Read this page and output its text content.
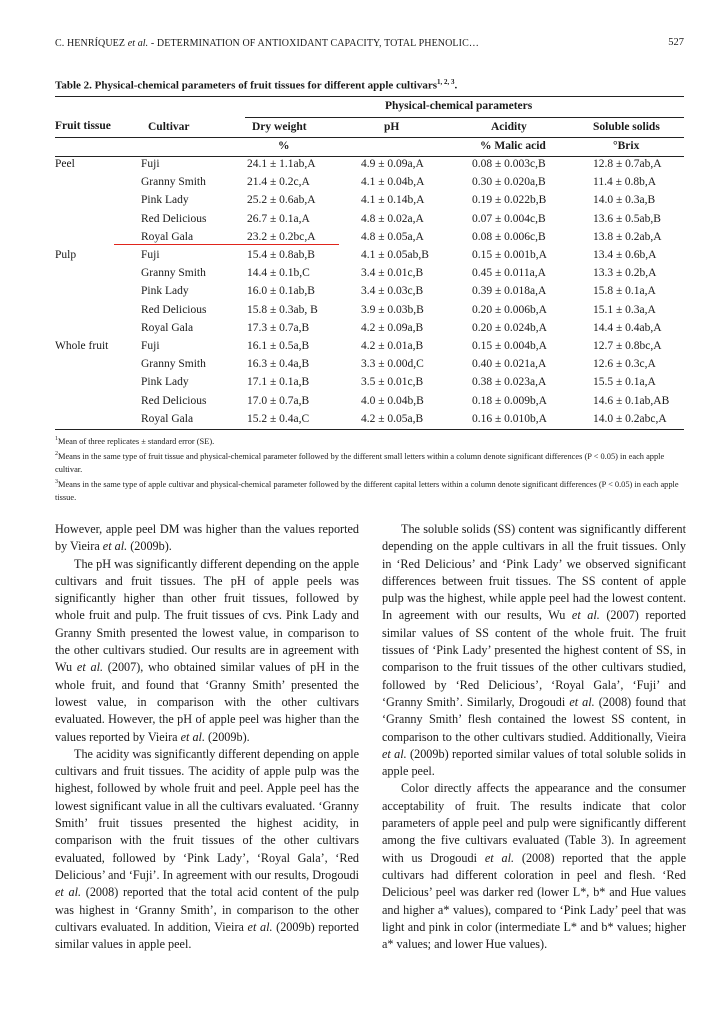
C. HENRÍQUEZ et al. - DETERMINATION OF ANTIOXIDANT CAPACITY, TOTAL PHENOLIC…	527
Table 2. Physical-chemical parameters of fruit tissues for different apple cultivars$^{1, 2, 3}$.
Physical-chemical parameters
Fruit tissue	Cultivar	Dry weight	pH	Acidity	Soluble solids
%	% Malic acid	°Brix
Peel	Fuji	24.1 ± 1.1ab,A	4.9 ± 0.09a,A	0.08 ± 0.003c,B	12.8 ± 0.7ab,A
Granny Smith	21.4 ± 0.2c,A	4.1 ± 0.04b,A	0.30 ± 0.020a,B	11.4 ± 0.8b,A
Pink Lady	25.2 ± 0.6ab,A	4.1 ± 0.14b,A	0.19 ± 0.022b,B	14.0 ± 0.3a,B
Red Delicious	26.7 ± 0.1a,A	4.8 ± 0.02a,A	0.07 ± 0.004c,B	13.6 ± 0.5ab,B
Royal Gala	23.2 ± 0.2bc,A	4.8 ± 0.05a,A	0.08 ± 0.006c,B	13.8 ± 0.2ab,A
Pulp	Fuji	15.4 ± 0.8ab,B	4.1 ± 0.05ab,B	0.15 ± 0.001b,A	13.4 ± 0.6b,A
Granny Smith	14.4 ± 0.1b,C	3.4 ± 0.01c,B	0.45 ± 0.011a,A	13.3 ± 0.2b,A
Pink Lady	16.0 ± 0.1ab,B	3.4 ± 0.03c,B	0.39 ± 0.018a,A	15.8 ± 0.1a,A
Red Delicious	15.8 ± 0.3ab, B	3.9 ± 0.03b,B	0.20 ± 0.006b,A	15.1 ± 0.3a,A
Royal Gala	17.3 ± 0.7a,B	4.2 ± 0.09a,B	0.20 ± 0.024b,A	14.4 ± 0.4ab,A
Whole fruit	Fuji	16.1 ± 0.5a,B	4.2 ± 0.01a,B	0.15 ± 0.004b,A	12.7 ± 0.8bc,A
Granny Smith	16.3 ± 0.4a,B	3.3 ± 0.00d,C	0.40 ± 0.021a,A	12.6 ± 0.3c,A
Pink Lady	17.1 ± 0.1a,B	3.5 ± 0.01c,B	0.38 ± 0.023a,A	15.5 ± 0.1a,A
Red Delicious	17.0 ± 0.7a,B	4.0 ± 0.04b,B	0.18 ± 0.009b,A	14.6 ± 0.1ab,AB
Royal Gala	15.2 ± 0.4a,C	4.2 ± 0.05a,B	0.16 ± 0.010b,A	14.0 ± 0.2abc,A

$^1$Mean of three replicates ± standard error (SE).

$^2$Means in the same type of fruit tissue and physical-chemical parameter followed by the different small letters within a column denote significant differences (P < 0.05) in each apple cultivar.

$^3$Means in the same type of apple cultivar and physical-chemical parameter followed by the different capital letters within a column denote significant differences (P < 0.05) in each apple tissue.

However, apple peel DM was higher than the values reported by Vieira et al. (2009b).

The pH was significantly different depending on the apple cultivars and fruit tissues. The pH of apple peels was significantly higher than other fruit tissues, followed by whole fruit and pulp. The fruit tissues of cvs. Pink Lady and Granny Smith presented the lowest value, in comparison to the other cultivars studied. Our results are in agreement with Wu et al. (2007), who obtained similar values of pH in the whole fruit, and found that ‘Granny Smith’ presented the lowest value, in comparison with the other cultivars evaluated. However, the pH of apple peel was higher than the values reported by Vieira et al. (2009b).

The acidity was significantly different depending on apple cultivars and fruit tissues. The acidity of apple pulp was the highest, followed by whole fruit and peel. Apple peel has the lowest significant value in all the cultivars evaluated. ‘Granny Smith’ fruit tissues presented the highest acidity, in comparison with the fruit tissues of the other cultivars evaluated, followed by ‘Pink Lady’, ‘Royal Gala’, ‘Red Delicious’ and ‘Fuji’. In agreement with our results, Drogoudi et al. (2008) reported that the total acid content of the pulp was highest in ‘Granny Smith’, in comparison to the other cultivars evaluated. In addition, Vieira et al. (2009b) reported similar values in apple peel.

The soluble solids (SS) content was significantly different depending on the apple cultivars in all the fruit tissues. Only in ‘Red Delicious’ and ‘Pink Lady’ we observed significant differences between fruit tissues. The SS content of apple pulp was the highest, while apple peel had the lowest content. In agreement with our results, Wu et al. (2007) reported similar values of SS content of the whole fruit. The fruit tissues of ‘Pink Lady’ presented the highest content of SS, in comparison to the fruit tissues of the other cultivars studied, followed by ‘Red Delicious’, ‘Royal Gala’, ‘Fuji’ and ‘Granny Smith’. Similarly, Drogoudi et al. (2008) found that ‘Granny Smith’ flesh contained the lowest SS content, in comparison to the other cultivars studied. Additionally, Vieira et al. (2009b) reported similar values of total soluble solids in apple peel.

Color directly affects the appearance and the consumer acceptability of fruit. The results indicate that color parameters of apple peel and pulp were significantly different among the five cultivars evaluated (Table 3). In agreement with us Drogoudi et al. (2008) reported that the apple cultivars had different coloration in peel and flesh. ‘Red Delicious’ peel was darker red (lower L*, b* and Hue values and higher a* values), compared to ‘Pink Lady’ peel that was light and pink in color (intermediate L* and b* values; higher a* values; and lower Hue values).
